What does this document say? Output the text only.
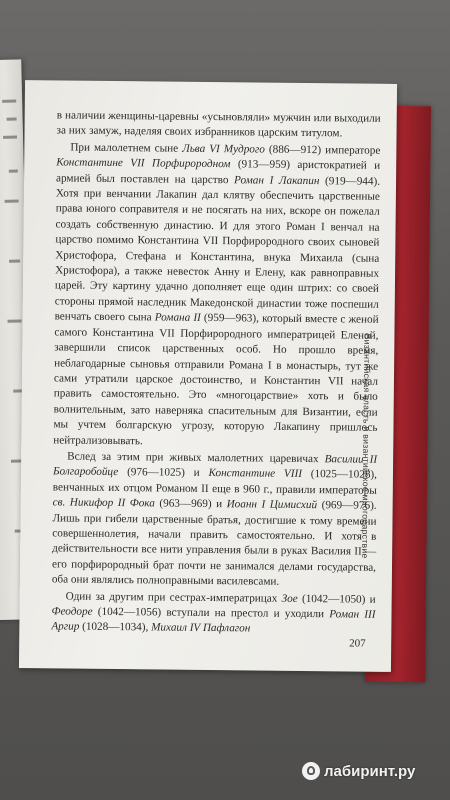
в наличии женщины-царевны «усыновляли» мужчин или выходили за них замуж, наделяя своих избранников царским титулом.

При малолетнем сыне Льва VI Мудрого (886—912) императоре Константине VII Порфирородном (913—959) аристократией и армией был поставлен на царство Роман I Лакапин (919—944). Хотя при венчании Лакапин дал клятву обеспечить царственные права юного соправителя и не посягать на них, вскоре он пожелал создать собственную династию. И для этого Роман I венчал на царство помимо Константина VII Порфирородного своих сыновей Христофора, Стефана и Константина, внука Михаила (сына Христофора), а также невесток Анну и Елену, как равноправных царей. Эту картину удачно дополняет еще один штрих: со своей стороны прямой наследник Македонской династии тоже поспешил венчать своего сына Романа II (959—963), который вместе с женой самого Константина VII Порфирородного императрицей Еленой, завершили список царственных особ. Но прошло время, неблагодарные сыновья отправили Романа I в монастырь, тут же сами утратили царское достоинство, и Константин VII начал править самостоятельно. Это «многоцарствие» хоть и было волнительным, зато наверняка спасительным для Византии, если мы учтем болгарскую угрозу, которую Лакапину пришлось нейтрализовывать.

Вслед за этим при живых малолетних царевичах Василии II Болгаробойце (976—1025) и Константине VIII (1025—1028), венчанных их отцом Романом II еще в 960 г., правили императоры св. Никифор II Фока (963—969) и Иоанн I Цимисхий (969—976). Лишь при гибели царственные братья, достигшие к тому времени совершеннолетия, начали править самостоятельно. И хотя в действительности все нити управления были в руках Василия II — его порфирородный брат почти не занимался делами государства, оба они являлись полноправными василевсами.

Один за другим при сестрах-императрицах Зое (1042—1050) и Феодоре (1042—1056) вступали на престол и уходили Роман III Аргир (1028—1034), Михаил IV Пафлагон

Византийская власть и византийское многоцарствие
207
лабиринт.ру
